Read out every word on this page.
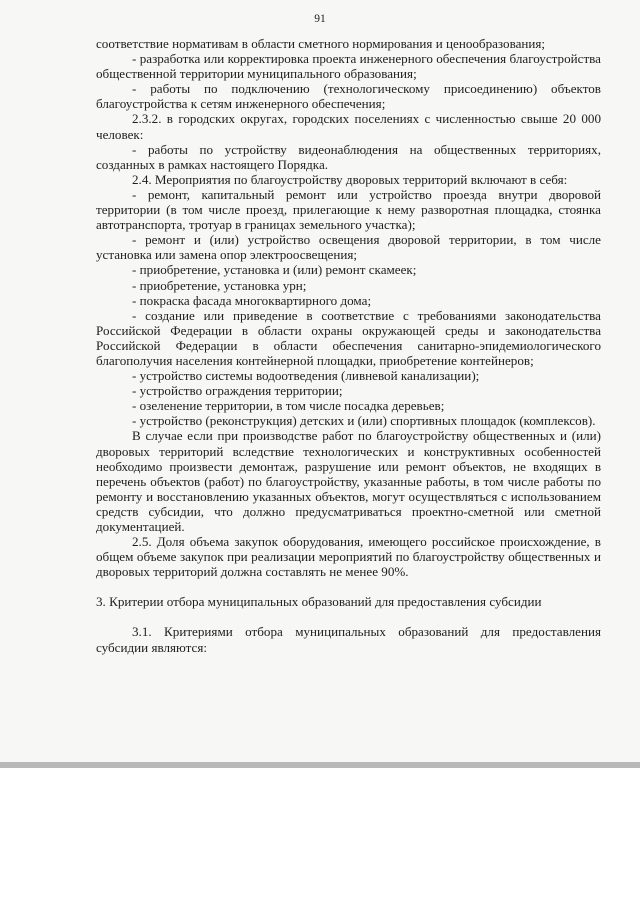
91

соответствие нормативам в области сметного нормирования и ценообразования;

- разработка или корректировка проекта инженерного обеспечения благоустройства общественной территории муниципального образования;

- работы по подключению (технологическому присоединению) объектов благоустройства к сетям инженерного обеспечения;

2.3.2. в городских округах, городских поселениях с численностью свыше 20 000 человек:

- работы по устройству видеонаблюдения на общественных территориях, созданных в рамках настоящего Порядка.

2.4. Мероприятия по благоустройству дворовых территорий включают в себя:

- ремонт, капитальный ремонт или устройство проезда внутри дворовой территории (в том числе проезд, прилегающие к нему разворотная площадка, стоянка автотранспорта, тротуар в границах земельного участка);

- ремонт и (или) устройство освещения дворовой территории, в том числе установка или замена опор электроосвещения;

- приобретение, установка и (или) ремонт скамеек;

- приобретение, установка урн;

- покраска фасада многоквартирного дома;

- создание или приведение в соответствие с требованиями законодательства Российской Федерации в области охраны окружающей среды и законодательства Российской Федерации в области обеспечения санитарно-эпидемиологического благополучия населения контейнерной площадки, приобретение контейнеров;

- устройство системы водоотведения (ливневой канализации);

- устройство ограждения территории;

- озеленение территории, в том числе посадка деревьев;

- устройство (реконструкция) детских и (или) спортивных площадок (комплексов).

В случае если при производстве работ по благоустройству общественных и (или) дворовых территорий вследствие технологических и конструктивных особенностей необходимо произвести демонтаж, разрушение или ремонт объектов, не входящих в перечень объектов (работ) по благоустройству, указанные работы, в том числе работы по ремонту и восстановлению указанных объектов, могут осуществляться с использованием средств субсидии, что должно предусматриваться проектно-сметной или сметной документацией.

2.5. Доля объема закупок оборудования, имеющего российское происхождение, в общем объеме закупок при реализации мероприятий по благоустройству общественных и дворовых территорий должна составлять не менее 90%.

3. Критерии отбора муниципальных образований для предоставления субсидии

3.1. Критериями отбора муниципальных образований для предоставления субсидии являются:
